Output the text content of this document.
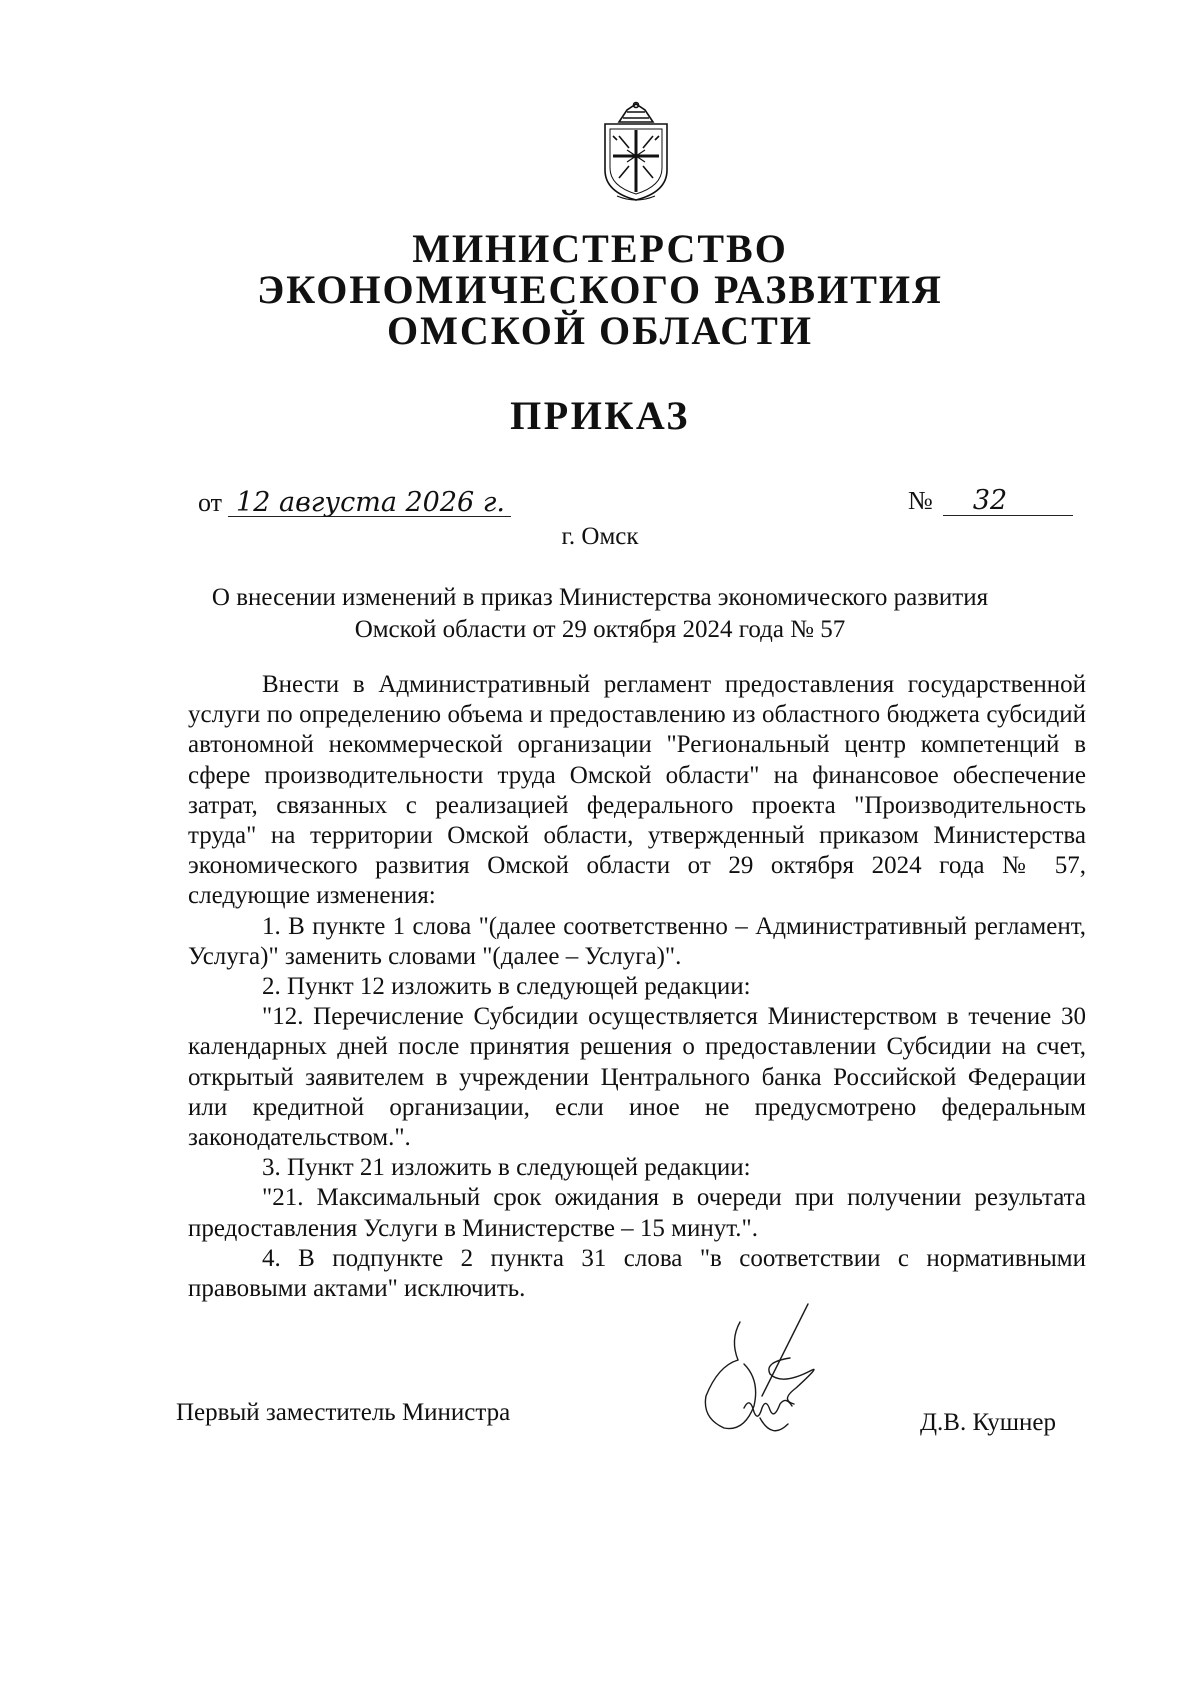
МИНИСТЕРСТВО
ЭКОНОМИЧЕСКОГО РАЗВИТИЯ
ОМСКОЙ ОБЛАСТИ
ПРИКАЗ
от 12 августа 2026 г.	№ 32
г. Омск
О внесении изменений в приказ Министерства экономического развития
Омской области от 29 октября 2024 года № 57

Внести в Административный регламент предоставления государственной услуги по определению объема и предоставлению из областного бюджета субсидий автономной некоммерческой организации "Региональный центр компетенций в сфере производительности труда Омской области" на финансовое обеспечение затрат, связанных с реализацией федерального проекта "Производительность труда" на территории Омской области, утвержденный приказом Министерства экономического развития Омской области от 29 октября 2024 года № 57, следующие изменения:

1. В пункте 1 слова "(далее соответственно – Административный регламент, Услуга)" заменить словами "(далее – Услуга)".

2. Пункт 12 изложить в следующей редакции:

"12. Перечисление Субсидии осуществляется Министерством в течение 30 календарных дней после принятия решения о предоставлении Субсидии на счет, открытый заявителем в учреждении Центрального банка Российской Федерации или кредитной организации, если иное не предусмотрено федеральным законодательством.".

3. Пункт 21 изложить в следующей редакции:

"21. Максимальный срок ожидания в очереди при получении результата предоставления Услуги в Министерстве – 15 минут.".

4. В подпункте 2 пункта 31 слова "в соответствии с нормативными правовыми актами" исключить.

Первый заместитель Министра	Д.В. Кушнер
